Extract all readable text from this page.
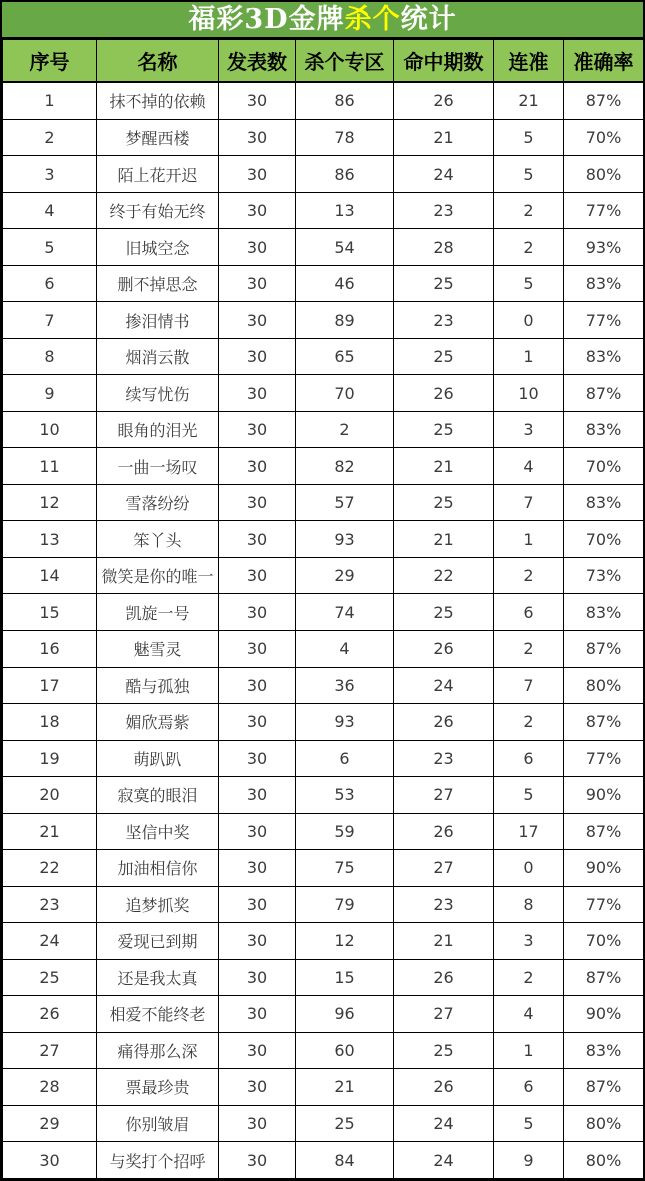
福彩3D金牌 杀个 统计
序号	名称	发表数	杀个专区	命中期数	连准	准确率
1	抹不掉的依赖	30	86	26	21	87%
2	梦醒西楼	30	78	21	5	70%
3	陌上花开迟	30	86	24	5	80%
4	终于有始无终	30	13	23	2	77%
5	旧城空念	30	54	28	2	93%
6	删不掉思念	30	46	25	5	83%
7	掺泪情书	30	89	23	0	77%
8	烟消云散	30	65	25	1	83%
9	续写忧伤	30	70	26	10	87%
10	眼角的泪光	30	2	25	3	83%
11	一曲一场叹	30	82	21	4	70%
12	雪落纷纷	30	57	25	7	83%
13	笨丫头	30	93	21	1	70%
14	微笑是你的唯一	30	29	22	2	73%
15	凯旋一号	30	74	25	6	83%
16	魅雪灵	30	4	26	2	87%
17	酷与孤独	30	36	24	7	80%
18	媚欣焉紫	30	93	26	2	87%
19	萌趴趴	30	6	23	6	77%
20	寂寞的眼泪	30	53	27	5	90%
21	坚信中奖	30	59	26	17	87%
22	加油相信你	30	75	27	0	90%
23	追梦抓奖	30	79	23	8	77%
24	爱现已到期	30	12	21	3	70%
25	还是我太真	30	15	26	2	87%
26	相爱不能终老	30	96	27	4	90%
27	痛得那么深	30	60	25	1	83%
28	票最珍贵	30	21	26	6	87%
29	你别皱眉	30	25	24	5	80%
30	与奖打个招呼	30	84	24	9	80%
